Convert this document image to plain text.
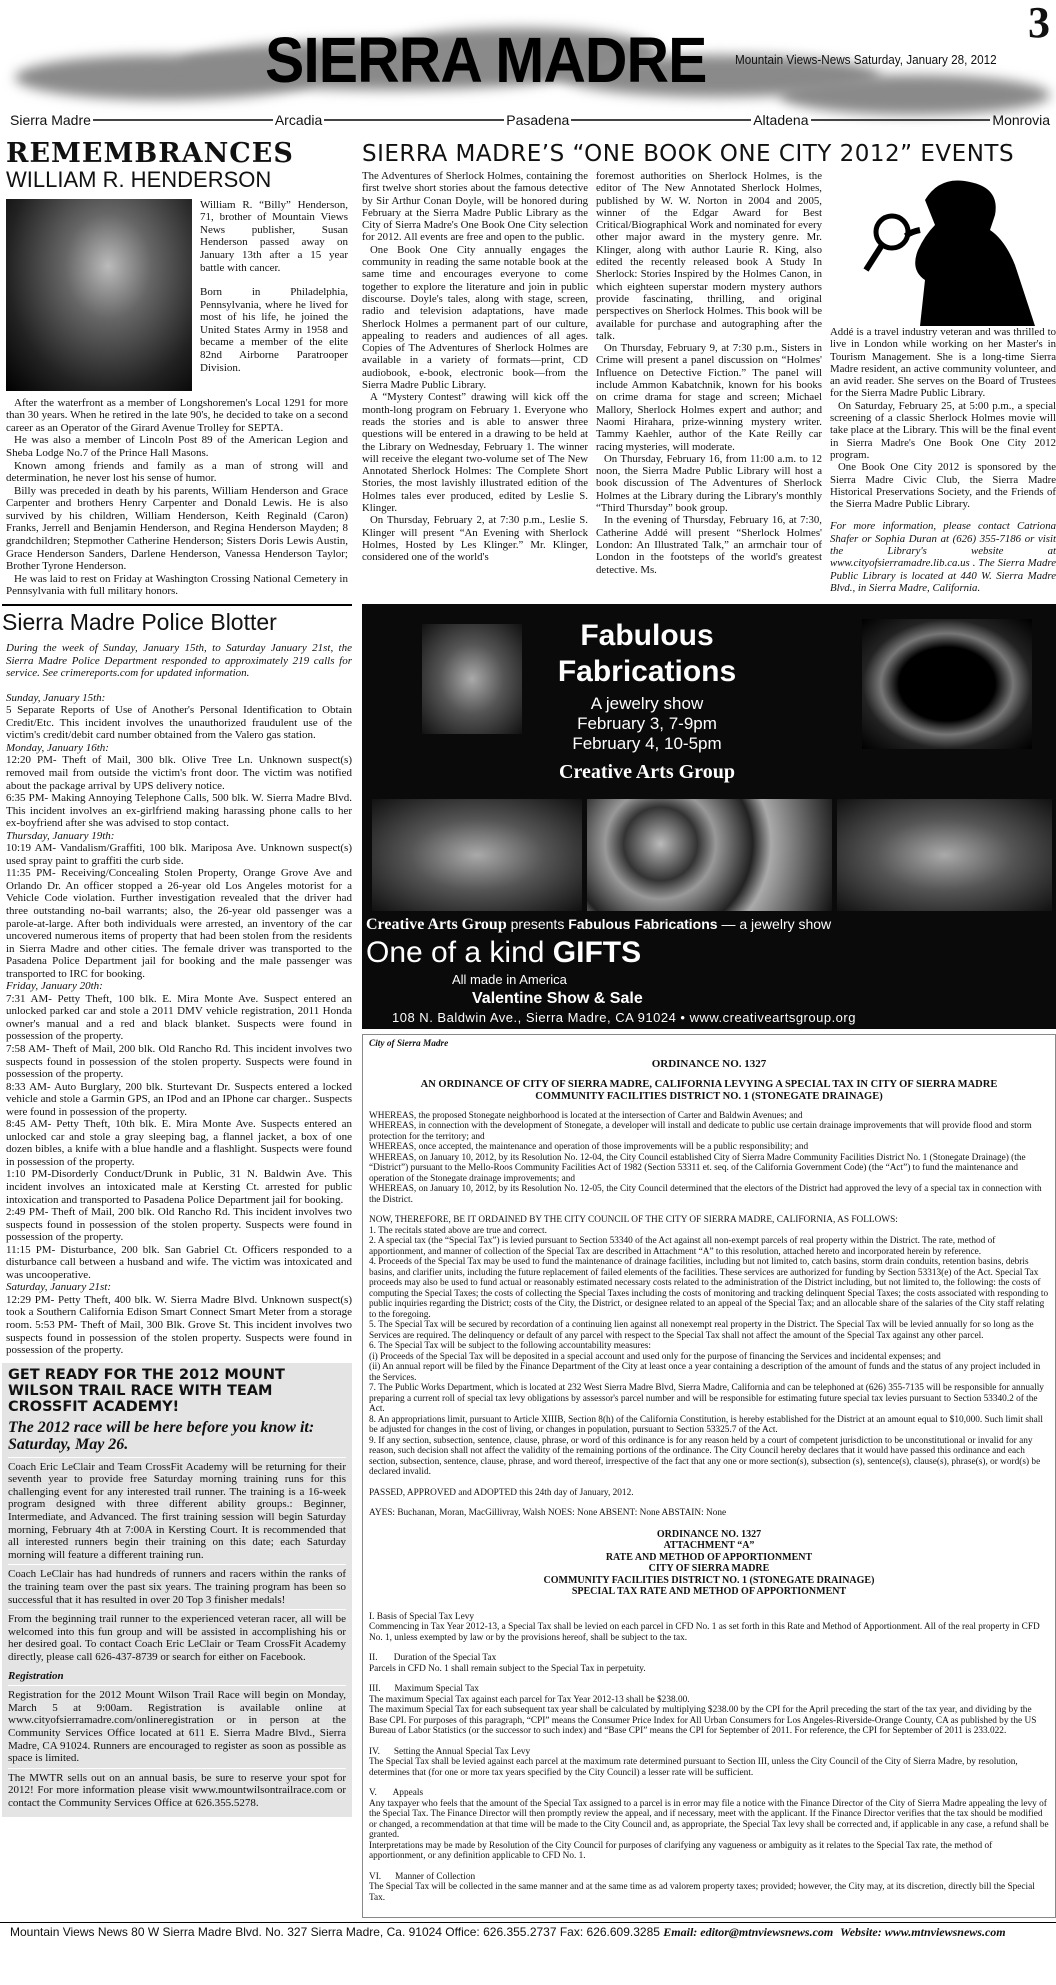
SIERRA MADRE
3
Mountain Views-News Saturday, January 28, 2012
Sierra Madre	Arcadia	Pasadena	Altadena	Monrovia
REMEMBRANCES
WILLIAM R. HENDERSON

William R. “Billy” Henderson, 71, brother of Mountain Views News publisher, Susan Henderson passed away on January 13th after a 15 year battle with cancer.

Born in Philadelphia, Pennsylvania, where he lived for most of his life, he joined the United States Army in 1958 and became a member of the elite 82nd Airborne Paratrooper Division.

After the waterfront as a member of Longshoremen's Local 1291 for more than 30 years. When he retired in the late 90's, he decided to take on a second career as an Operator of the Girard Avenue Trolley for SEPTA.

He was also a member of Lincoln Post 89 of the American Legion and Sheba Lodge No.7 of the Prince Hall Masons.

Known among friends and family as a man of strong will and determination, he never lost his sense of humor.

Billy was preceded in death by his parents, William Henderson and Grace Carpenter and brothers Henry Carpenter and Donald Lewis. He is also survived by his children, William Henderson, Keith Reginald (Caron) Franks, Jerrell and Benjamin Henderson, and Regina Henderson Mayden; 8 grandchildren; Stepmother Catherine Henderson; Sisters Doris Lewis Austin, Grace Henderson Sanders, Darlene Henderson, Vanessa Henderson Taylor; Brother Tyrone Henderson.

He was laid to rest on Friday at Washington Crossing National Cemetery in Pennsylvania with full military honors.

SIERRA MADRE’S “ONE BOOK ONE CITY 2012” EVENTS

The Adventures of Sherlock Holmes, containing the first twelve short stories about the famous detective by Sir Arthur Conan Doyle, will be honored during February at the Sierra Madre Public Library as the City of Sierra Madre's One Book One City selection for 2012. All events are free and open to the public.

One Book One City annually engages the community in reading the same notable book at the same time and encourages everyone to come together to explore the literature and join in public discourse. Doyle's tales, along with stage, screen, radio and television adaptations, have made Sherlock Holmes a permanent part of our culture, appealing to readers and audiences of all ages. Copies of The Adventures of Sherlock Holmes are available in a variety of formats—print, CD audiobook, e-book, electronic book—from the Sierra Madre Public Library.

A “Mystery Contest” drawing will kick off the month-long program on February 1. Everyone who reads the stories and is able to answer three questions will be entered in a drawing to be held at the Library on Wednesday, February 1. The winner will receive the elegant two-volume set of The New Annotated Sherlock Holmes: The Complete Short Stories, the most lavishly illustrated edition of the Holmes tales ever produced, edited by Leslie S. Klinger.

On Thursday, February 2, at 7:30 p.m., Leslie S. Klinger will present “An Evening with Sherlock Holmes, Hosted by Les Klinger.” Mr. Klinger, considered one of the world's

foremost authorities on Sherlock Holmes, is the editor of The New Annotated Sherlock Holmes, published by W. W. Norton in 2004 and 2005, winner of the Edgar Award for Best Critical/Biographical Work and nominated for every other major award in the mystery genre. Mr. Klinger, along with author Laurie R. King, also edited the recently released book A Study In Sherlock: Stories Inspired by the Holmes Canon, in which eighteen superstar modern mystery authors provide fascinating, thrilling, and original perspectives on Sherlock Holmes. This book will be available for purchase and autographing after the talk.

On Thursday, February 9, at 7:30 p.m., Sisters in Crime will present a panel discussion on “Holmes' Influence on Detective Fiction.” The panel will include Ammon Kabatchnik, known for his books on crime drama for stage and screen; Michael Mallory, Sherlock Holmes expert and author; and Naomi Hirahara, prize-winning mystery writer. Tammy Kaehler, author of the Kate Reilly car racing mysteries, will moderate.

On Thursday, February 16, from 11:00 a.m. to 12 noon, the Sierra Madre Public Library will host a book discussion of The Adventures of Sherlock Holmes at the Library during the Library's monthly “Third Thursday” book group.

In the evening of Thursday, February 16, at 7:30, Catherine Addé will present “Sherlock Holmes' London: An Illustrated Talk,” an armchair tour of London in the footsteps of the world's greatest detective. Ms.

Addé is a travel industry veteran and was thrilled to live in London while working on her Master's in Tourism Management. She is a long-time Sierra Madre resident, an active community volunteer, and an avid reader. She serves on the Board of Trustees for the Sierra Madre Public Library.

On Saturday, February 25, at 5:00 p.m., a special screening of a classic Sherlock Holmes movie will take place at the Library. This will be the final event in Sierra Madre's One Book One City 2012 program.

One Book One City 2012 is sponsored by the Sierra Madre Civic Club, the Sierra Madre Historical Preservations Society, and the Friends of the Sierra Madre Public Library.

For more information, please contact Catriona Shafer or Sophia Duran at (626) 355-7186 or visit the Library's website at www.cityofsierramadre.lib.ca.us . The Sierra Madre Public Library is located at 440 W. Sierra Madre Blvd., in Sierra Madre, California.

Sierra Madre Police Blotter

During the week of Sunday, January 15th, to Saturday January 21st, the Sierra Madre Police Department responded to approximately 219 calls for service. See crimereports.com for updated information.

Sunday, January 15th:

5 Separate Reports of Use of Another's Personal Identification to Obtain Credit/Etc. This incident involves the unauthorized fraudulent use of the victim's credit/debit card number obtained from the Valero gas station.

Monday, January 16th:

12:20 PM- Theft of Mail, 300 blk. Olive Tree Ln. Unknown suspect(s) removed mail from outside the victim's front door. The victim was notified about the package arrival by UPS delivery notice.

6:35 PM- Making Annoying Telephone Calls, 500 blk. W. Sierra Madre Blvd. This incident involves an ex-girlfriend making harassing phone calls to her ex-boyfriend after she was advised to stop contact.

Thursday, January 19th:

10:19 AM- Vandalism/Graffiti, 100 blk. Mariposa Ave. Unknown suspect(s) used spray paint to graffiti the curb side.

11:35 PM- Receiving/Concealing Stolen Property, Orange Grove Ave and Orlando Dr. An officer stopped a 26-year old Los Angeles motorist for a Vehicle Code violation. Further investigation revealed that the driver had three outstanding no-bail warrants; also, the 26-year old passenger was a parole-at-large. After both individuals were arrested, an inventory of the car uncovered numerous items of property that had been stolen from the residents in Sierra Madre and other cities. The female driver was transported to the Pasadena Police Department jail for booking and the male passenger was transported to IRC for booking.

Friday, January 20th:

7:31 AM- Petty Theft, 100 blk. E. Mira Monte Ave. Suspect entered an unlocked parked car and stole a 2011 DMV vehicle registration, 2011 Honda owner's manual and a red and black blanket. Suspects were found in possession of the property.

7:58 AM- Theft of Mail, 200 blk. Old Rancho Rd. This incident involves two suspects found in possession of the stolen property. Suspects were found in possession of the property.

8:33 AM- Auto Burglary, 200 blk. Sturtevant Dr. Suspects entered a locked vehicle and stole a Garmin GPS, an IPod and an IPhone car charger.. Suspects were found in possession of the property.

8:45 AM- Petty Theft, 10th blk. E. Mira Monte Ave. Suspects entered an unlocked car and stole a gray sleeping bag, a flannel jacket, a box of one dozen bibles, a knife with a blue handle and a flashlight. Suspects were found in possession of the property.

1:10 PM-Disorderly Conduct/Drunk in Public, 31 N. Baldwin Ave. This incident involves an intoxicated male at Kersting Ct. arrested for public intoxication and transported to Pasadena Police Department jail for booking.

2:49 PM- Theft of Mail, 200 blk. Old Rancho Rd. This incident involves two suspects found in possession of the stolen property. Suspects were found in possession of the property.

11:15 PM- Disturbance, 200 blk. San Gabriel Ct. Officers responded to a disturbance call between a husband and wife. The victim was intoxicated and was uncooperative.

Saturday, January 21st:

12:29 PM- Petty Theft, 400 blk. W. Sierra Madre Blvd. Unknown suspect(s) took a Southern California Edison Smart Connect Smart Meter from a storage room. 5:53 PM- Theft of Mail, 300 Blk. Grove St. This incident involves two suspects found in possession of the stolen property. Suspects were found in possession of the property.

GET READY FOR THE 2012 MOUNT WILSON TRAIL RACE WITH TEAM CROSSFIT ACADEMY!
The 2012 race will be here before you know it: Saturday, May 26.

Coach Eric LeClair and Team CrossFit Academy will be returning for their seventh year to provide free Saturday morning training runs for this challenging event for any interested trail runner. The training is a 16-week program designed with three different ability groups.: Beginner, Intermediate, and Advanced. The first training session will begin Saturday morning, February 4th at 7:00A in Kersting Court. It is recommended that all interested runners begin their training on this date; each Saturday morning will feature a different training run.

Coach LeClair has had hundreds of runners and racers within the ranks of the training team over the past six years. The training program has been so successful that it has resulted in over 20 Top 3 finisher medals!

From the beginning trail runner to the experienced veteran racer, all will be welcomed into this fun group and will be assisted in accomplishing his or her desired goal. To contact Coach Eric LeClair or Team CrossFit Academy directly, please call 626-437-8739 or search for either on Facebook.

Registration

Registration for the 2012 Mount Wilson Trail Race will begin on Monday, March 5 at 9:00am. Registration is available online at www.cityofsierramadre.com/onlineregistration or in person at the Community Services Office located at 611 E. Sierra Madre Blvd., Sierra Madre, CA 91024. Runners are encouraged to register as soon as possible as space is limited.

The MWTR sells out on an annual basis, be sure to reserve your spot for 2012! For more information please visit www.mountwilsontrailrace.com or contact the Community Services Office at 626.355.5278.

Fabulous Fabrications
A jewelry show
February 3, 7-9pm
February 4, 10-5pm
Creative Arts Group
Creative Arts Group presents Fabulous Fabrications — a jewelry show
One of a kind GIFTS
All made in America
Valentine Show & Sale
108 N. Baldwin Ave., Sierra Madre, CA 91024 • www.creativeartsgroup.org

City of Sierra Madre

ORDINANCE NO. 1327

AN ORDINANCE OF CITY OF SIERRA MADRE, CALIFORNIA LEVYING A SPECIAL TAX IN CITY OF SIERRA MADRE COMMUNITY FACILITIES DISTRICT NO. 1 (STONEGATE DRAINAGE)

WHEREAS, the proposed Stonegate neighborhood is located at the intersection of Carter and Baldwin Avenues; and

WHEREAS, in connection with the development of Stonegate, a developer will install and dedicate to public use certain drainage improvements that will provide flood and storm protection for the territory; and

WHEREAS, once accepted, the maintenance and operation of those improvements will be a public responsibility; and

WHEREAS, on January 10, 2012, by its Resolution No. 12-04, the City Council established City of Sierra Madre Community Facilities District No. 1 (Stonegate Drainage) (the “District”) pursuant to the Mello-Roos Community Facilities Act of 1982 (Section 53311 et. seq. of the California Government Code) (the “Act”) to fund the maintenance and operation of the Stonegate drainage improvements; and

WHEREAS, on January 10, 2012, by its Resolution No. 12-05, the City Council determined that the electors of the District had approved the levy of a special tax in connection with the District.

NOW, THEREFORE, BE IT ORDAINED BY THE CITY COUNCIL OF THE CITY OF SIERRA MADRE, CALIFORNIA, AS FOLLOWS:

1. The recitals stated above are true and correct.

2. A special tax (the “Special Tax”) is levied pursuant to Section 53340 of the Act against all non-exempt parcels of real property within the District. The rate, method of apportionment, and manner of collection of the Special Tax are described in Attachment “A” to this resolution, attached hereto and incorporated herein by reference.

4. Proceeds of the Special Tax may be used to fund the maintenance of drainage facilities, including but not limited to, catch basins, storm drain conduits, retention basins, debris basins, and clarifier units, including the future replacement of failed elements of the facilities. These services are authorized for funding by Section 53313(e) of the Act. Special Tax proceeds may also be used to fund actual or reasonably estimated necessary costs related to the administration of the District including, but not limited to, the following: the costs of computing the Special Taxes; the costs of collecting the Special Taxes including the costs of monitoring and tracking delinquent Special Taxes; the costs associated with responding to public inquiries regarding the District; costs of the City, the District, or designee related to an appeal of the Special Tax; and an allocable share of the salaries of the City staff relating to the foregoing.

5. The Special Tax will be secured by recordation of a continuing lien against all nonexempt real property in the District. The Special Tax will be levied annually for so long as the Services are required. The delinquency or default of any parcel with respect to the Special Tax shall not affect the amount of the Special Tax against any other parcel.

6. The Special Tax will be subject to the following accountability measures:

(i) Proceeds of the Special Tax will be deposited in a special account and used only for the purpose of financing the Services and incidental expenses; and

(ii) An annual report will be filed by the Finance Department of the City at least once a year containing a description of the amount of funds and the status of any project included in the Services.

7. The Public Works Department, which is located at 232 West Sierra Madre Blvd, Sierra Madre, California and can be telephoned at (626) 355-7135 will be responsible for annually preparing a current roll of special tax levy obligations by assessor's parcel number and will be responsible for estimating future special tax levies pursuant to Section 53340.2 of the Act.

8. An appropriations limit, pursuant to Article XIIIB, Section 8(h) of the California Constitution, is hereby established for the District at an amount equal to $10,000. Such limit shall be adjusted for changes in the cost of living, or changes in population, pursuant to Section 53325.7 of the Act.

9. If any section, subsection, sentence, clause, phrase, or word of this ordinance is for any reason held by a court of competent jurisdiction to be unconstitutional or invalid for any reason, such decision shall not affect the validity of the remaining portions of the ordinance. The City Council hereby declares that it would have passed this ordinance and each section, subsection, sentence, clause, phrase, and word thereof, irrespective of the fact that any one or more section(s), subsection (s), sentence(s), clause(s), phrase(s), or word(s) be declared invalid.

PASSED, APPROVED and ADOPTED this 24th day of January, 2012.

AYES: Buchanan, Moran, MacGillivray, Walsh NOES: None ABSENT: None ABSTAIN: None

ORDINANCE NO. 1327

ATTACHMENT “A”

RATE AND METHOD OF APPORTIONMENT

CITY OF SIERRA MADRE

COMMUNITY FACILITIES DISTRICT NO. 1 (STONEGATE DRAINAGE)

SPECIAL TAX RATE AND METHOD OF APPORTIONMENT

I. Basis of Special Tax Levy

Commencing in Tax Year 2012-13, a Special Tax shall be levied on each parcel in CFD No. 1 as set forth in this Rate and Method of Apportionment. All of the real property in CFD No. 1, unless exempted by law or by the provisions hereof, shall be subject to the tax.

II.       Duration of the Special Tax

Parcels in CFD No. 1 shall remain subject to the Special Tax in perpetuity.

III.      Maximum Special Tax

The maximum Special Tax against each parcel for Tax Year 2012-13 shall be $238.00.

The maximum Special Tax for each subsequent tax year shall be calculated by multiplying $238.00 by the CPI for the April preceding the start of the tax year, and dividing by the Base CPI. For purposes of this paragraph, “CPI” means the Consumer Price Index for All Urban Consumers for Los Angeles-Riverside-Orange County, CA as published by the US Bureau of Labor Statistics (or the successor to such index) and “Base CPI” means the CPI for September of 2011. For reference, the CPI for September of 2011 is 233.022.

IV.      Setting the Annual Special Tax Levy

The Special Tax shall be levied against each parcel at the maximum rate determined pursuant to Section III, unless the City Council of the City of Sierra Madre, by resolution, determines that (for one or more tax years specified by the City Council) a lesser rate will be sufficient.

V.       Appeals

Any taxpayer who feels that the amount of the Special Tax assigned to a parcel is in error may file a notice with the Finance Director of the City of Sierra Madre appealing the levy of the Special Tax. The Finance Director will then promptly review the appeal, and if necessary, meet with the applicant. If the Finance Director verifies that the tax should be modified or changed, a recommendation at that time will be made to the City Council and, as appropriate, the Special Tax levy shall be corrected and, if applicable in any case, a refund shall be granted.

Interpretations may be made by Resolution of the City Council for purposes of clarifying any vagueness or ambiguity as it relates to the Special Tax rate, the method of apportionment, or any definition applicable to CFD No. 1.

VI.      Manner of Collection

The Special Tax will be collected in the same manner and at the same time as ad valorem property taxes; provided; however, the City may, at its discretion, directly bill the Special Tax.

Mountain Views News 80 W Sierra Madre Blvd. No. 327 Sierra Madre, Ca. 91024 Office: 626.355.2737 Fax: 626.609.3285 Email: editor@mtnviewsnews.com Website: www.mtnviewsnews.com
